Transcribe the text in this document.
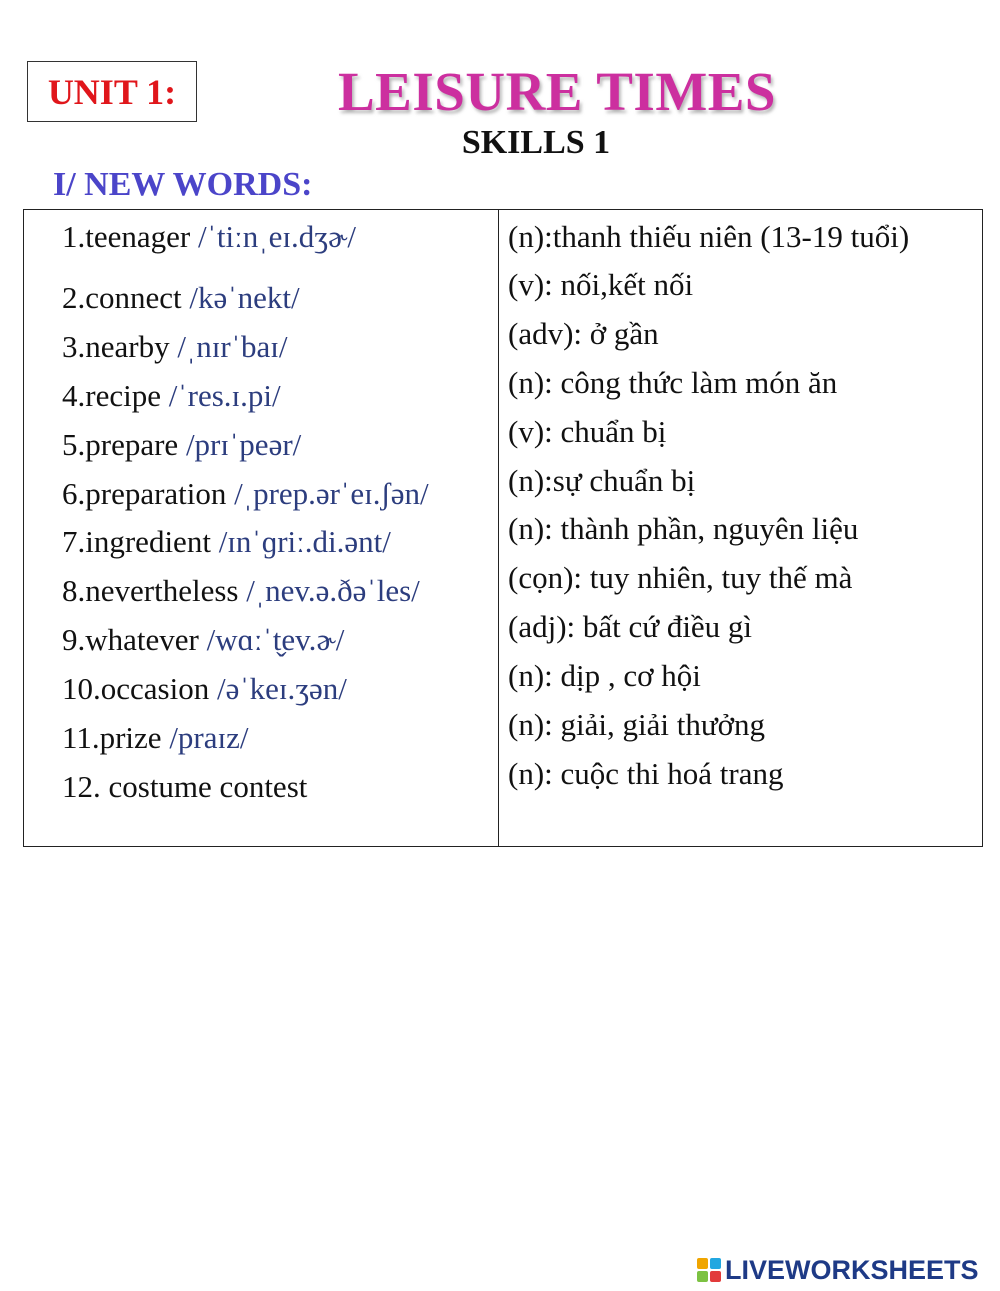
UNIT 1:	LEISURE TIMES
SKILLS 1
I/ NEW WORDS:
1.teenager /ˈtiːnˌeɪ.dʒɚ/
2.connect /kəˈnekt/
3.nearby /ˌnɪrˈbaɪ/
4.recipe /ˈres.ɪ.pi/
5.prepare /prɪˈpeər/
6.preparation /ˌprep.ərˈeɪ.ʃən/
7.ingredient /ɪnˈɡriː.di.ənt/
8.nevertheless /ˌnev.ə.ðəˈles/
9.whatever /wɑːˈt̬ev.ɚ/
10.occasion /əˈkeɪ.ʒən/
11.prize /praɪz/
12. costume contest
(n):thanh thiếu niên (13-19 tuổi)
(v): nối,kết nối
(adv): ở gần
(n): công thức làm món ăn
(v): chuẩn bị
(n):sự chuẩn bị
(n): thành phần, nguyên liệu
(cọn): tuy nhiên, tuy thế mà
(adj): bất cứ điều gì
(n): dịp , cơ hội
(n): giải, giải thưởng
(n): cuộc thi hoá trang
LIVEWORKSHEETS
